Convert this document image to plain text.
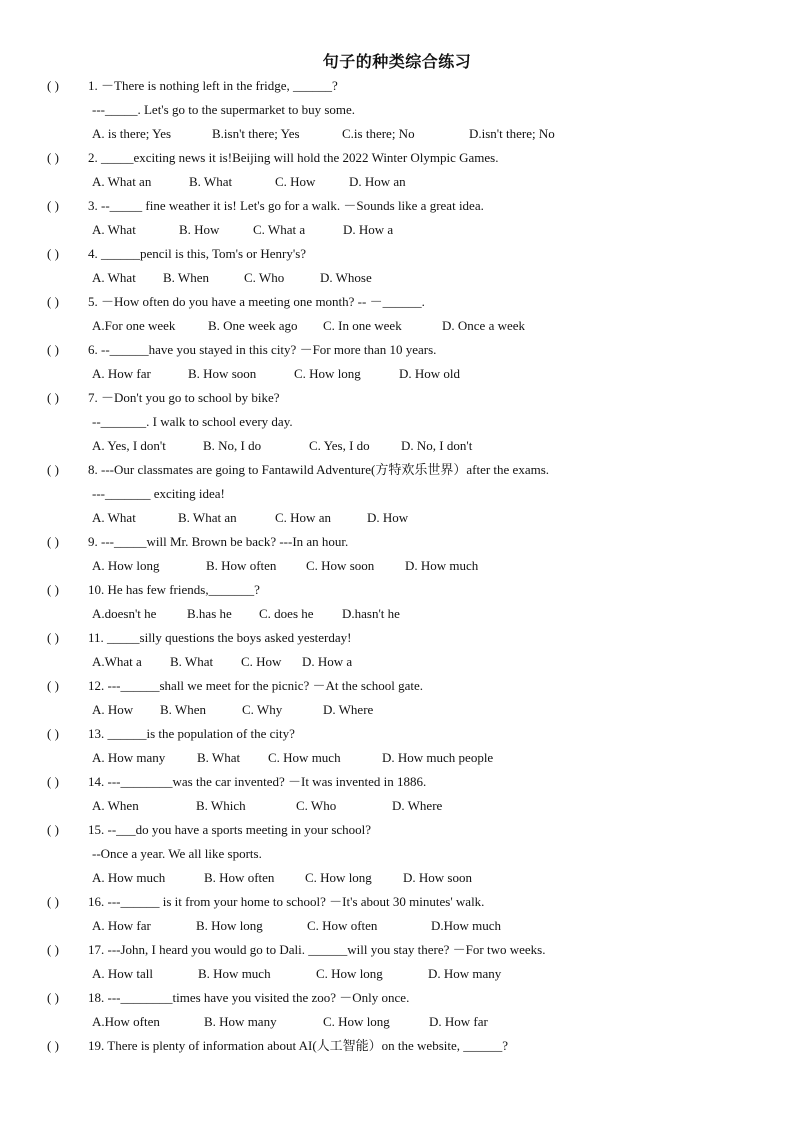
句子的种类综合练习
( ) 1. －There is nothing left in the fridge, ______?
---_____. Let's go to the supermarket to buy some.
A. is there; Yes	B.isn't there; Yes	C.is there; No	D.isn't there; No
( ) 2. _____exciting news it is!Beijing will hold the 2022 Winter Olympic Games.
A. What an	B. What	C. How	D. How an
( ) 3. --_____ fine weather it is! Let's go for a walk. －Sounds like a great idea.
A. What	B. How	C. What a	D. How a
( ) 4. ______pencil is this, Tom's or Henry's?
A. What B. When	C. Who	D. Whose
( ) 5. －How often do you have a meeting one month? -- －______.
A.For one week	B. One week ago C. In one week	D. Once a week
( ) 6. --______have you stayed in this city? －For more than 10 years.
A. How far	B. How soon	C. How long	D. How old
( ) 7. －Don't you go to school by bike?
--_______. I walk to school every day.
A. Yes, I don't	B. No, I do	C. Yes, I do D. No, I don't
( ) 8. ---Our classmates are going to Fantawild Adventure(方特欢乐世界）after the exams.
---_______ exciting idea!
A. What	B. What an	C. How an	D. How
( ) 9. ---_____will Mr. Brown be back? ---In an hour.
A. How long	B. How often C. How soon D. How much
( ) 10. He has few friends,_______?
A.doesn't he B.has he C. does he D.hasn't he
( ) 11. _____silly questions the boys asked yesterday!
A.What a B. What C. How D. How a
( ) 12. ---______shall we meet for the picnic? －At the school gate.
A. How B. When	C. Why	D. Where
( ) 13. ______is the population of the city?
A. How many B. What C. How much	D. How much people
( ) 14. ---________was the car invented? －It was invented in 1886.
A. When	B. Which	C. Who	D. Where
( ) 15. --___do you have a sports meeting in your school?
--Once a year. We all like sports.
A. How much	B. How often C. How long D. How soon
( ) 16. ---______ is it from your home to school? －It's about 30 minutes' walk.
A. How far	B. How long	C. How often	D.How much
( ) 17. ---John, I heard you would go to Dali. ______will you stay there? －For two weeks.
A. How tall	B. How much	C. How long	D. How many
( ) 18. ---________times have you visited the zoo? －Only once.
A.How often	B. How many	C. How long	D. How far
( ) 19. There is plenty of information about AI(人工智能）on the website, ______?
